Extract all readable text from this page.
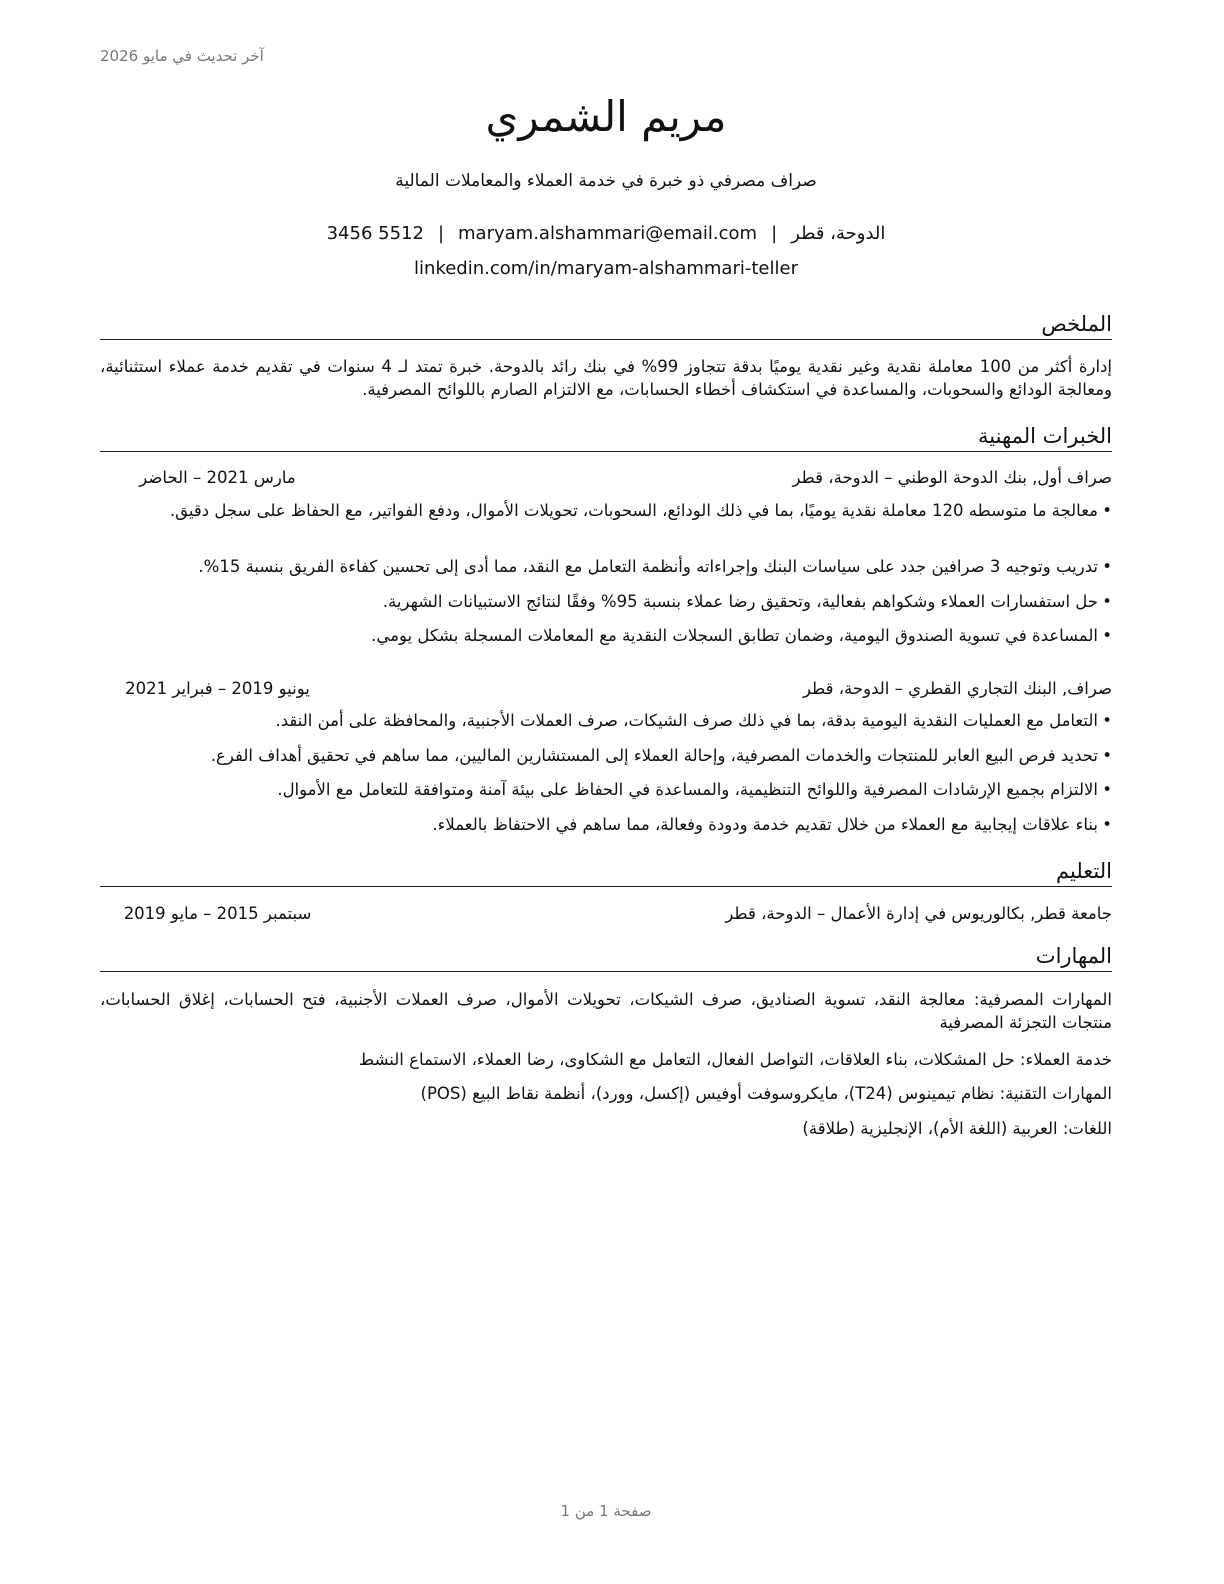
آخر تحديث في مايو 2026
مريم الشمري
صراف مصرفي ذو خبرة في خدمة العملاء والمعاملات المالية
الدوحة، قطر|maryam.alshammari@email.com|3456 5512
linkedin.com/in/maryam-alshammari-teller
الملخص
إدارة أكثر من 100 معاملة نقدية وغير نقدية يوميًا بدقة تتجاوز 99% في بنك رائد بالدوحة. خبرة تمتد لـ 4 سنوات في تقديم خدمة عملاء استثنائية، ومعالجة الودائع والسحوبات، والمساعدة في استكشاف أخطاء الحسابات، مع الالتزام الصارم باللوائح المصرفية.
الخبرات المهنية
صراف أول, بنك الدوحة الوطني – الدوحة، قطر
مارس 2021 – الحاضر
• معالجة ما متوسطه 120 معاملة نقدية يوميًا، بما في ذلك الودائع، السحوبات، تحويلات الأموال، ودفع الفواتير، مع الحفاظ على سجل دقيق.
• تدريب وتوجيه 3 صرافين جدد على سياسات البنك وإجراءاته وأنظمة التعامل مع النقد، مما أدى إلى تحسين كفاءة الفريق بنسبة 15%.
• حل استفسارات العملاء وشكواهم بفعالية، وتحقيق رضا عملاء بنسبة 95% وفقًا لنتائج الاستبيانات الشهرية.
• المساعدة في تسوية الصندوق اليومية، وضمان تطابق السجلات النقدية مع المعاملات المسجلة بشكل يومي.
صراف, البنك التجاري القطري – الدوحة، قطر
يونيو 2019 – فبراير 2021
• التعامل مع العمليات النقدية اليومية بدقة، بما في ذلك صرف الشيكات، صرف العملات الأجنبية، والمحافظة على أمن النقد.
• تحديد فرص البيع العابر للمنتجات والخدمات المصرفية، وإحالة العملاء إلى المستشارين الماليين، مما ساهم في تحقيق أهداف الفرع.
• الالتزام بجميع الإرشادات المصرفية واللوائح التنظيمية، والمساعدة في الحفاظ على بيئة آمنة ومتوافقة للتعامل مع الأموال.
• بناء علاقات إيجابية مع العملاء من خلال تقديم خدمة ودودة وفعالة، مما ساهم في الاحتفاظ بالعملاء.
التعليم
جامعة قطر, بكالوريوس في إدارة الأعمال – الدوحة، قطر
سبتمبر 2015 – مايو 2019
المهارات
المهارات المصرفية: معالجة النقد، تسوية الصناديق، صرف الشيكات، تحويلات الأموال، صرف العملات الأجنبية، فتح الحسابات، إغلاق الحسابات، منتجات التجزئة المصرفية
خدمة العملاء: حل المشكلات، بناء العلاقات، التواصل الفعال، التعامل مع الشكاوى، رضا العملاء، الاستماع النشط
المهارات التقنية: نظام تيمينوس (T24)، مايكروسوفت أوفيس (إكسل، وورد)، أنظمة نقاط البيع (POS)
اللغات: العربية (اللغة الأم)، الإنجليزية (طلاقة)
صفحة 1 من 1
